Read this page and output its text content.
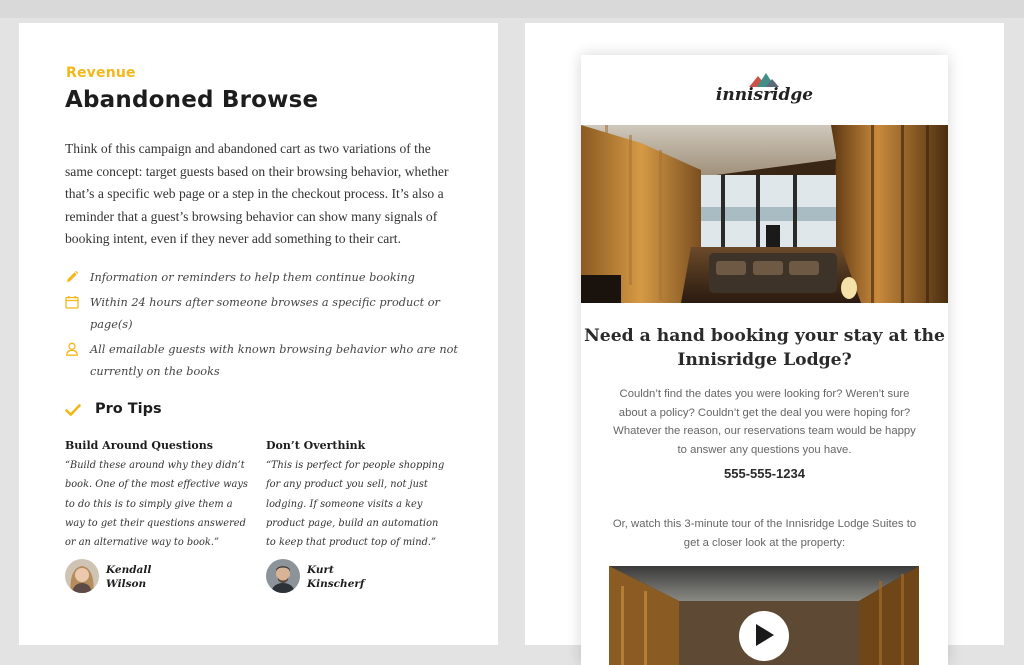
Revenue
Abandoned Browse

Think of this campaign and abandoned cart as two variations of the same concept: target guests based on their browsing behavior, whether that’s a specific web page or a step in the checkout process. It’s also a reminder that a guest’s browsing behavior can show many signals of booking intent, even if they never add something to their cart.

Information or reminders to help them continue booking
Within 24 hours after someone browses a specific product or page(s)
All emailable guests with known browsing behavior who are not currently on the books
Pro Tips
Build Around Questions

“Build these around why they didn’t book. One of the most effective ways to do this is to simply give them a way to get their questions answered or an alternative way to book.”

Don’t Overthink

“This is perfect for people shopping for any product you sell, not just lodging. If someone visits a key product page, build an automation to keep that product top of mind.”

Kendall
Wilson
Kurt
Kinscherf
innisridge
Need a hand booking your stay at the Innisridge Lodge?

Couldn’t find the dates you were looking for? Weren’t sure about a policy? Couldn’t get the deal you were hoping for? Whatever the reason, our reservations team would be happy to answer any questions you have.

555-555-1234

Or, watch this 3-minute tour of the Innisridge Lodge Suites to get a closer look at the property:
